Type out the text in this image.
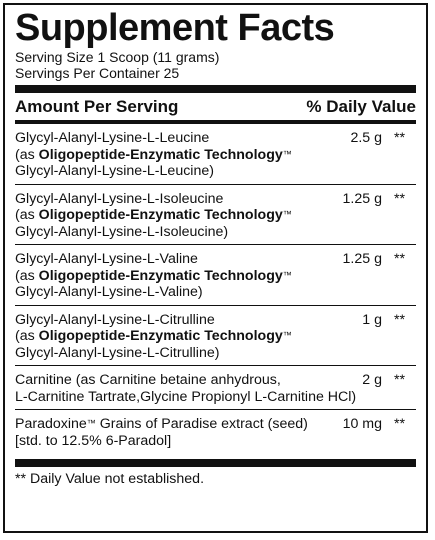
Supplement Facts
Serving Size 1 Scoop (11 grams)
Servings Per Container 25
Amount Per Serving	% Daily Value
Glycyl-Alanyl-Lysine-L-Leucine
(as Oligopeptide-Enzymatic Technology™
Glycyl-Alanyl-Lysine-L-Leucine)
2.5 g **
Glycyl-Alanyl-Lysine-L-Isoleucine
(as Oligopeptide-Enzymatic Technology™
Glycyl-Alanyl-Lysine-L-Isoleucine)
1.25 g **
Glycyl-Alanyl-Lysine-L-Valine
(as Oligopeptide-Enzymatic Technology™
Glycyl-Alanyl-Lysine-L-Valine)
1.25 g **
Glycyl-Alanyl-Lysine-L-Citrulline
(as Oligopeptide-Enzymatic Technology™
Glycyl-Alanyl-Lysine-L-Citrulline)
1 g **
Carnitine (as Carnitine betaine anhydrous,
L-Carnitine Tartrate,Glycine Propionyl L-Carnitine HCl)
2 g **
Paradoxine™ Grains of Paradise extract (seed)
[std. to 12.5% 6-Paradol]
10 mg **
** Daily Value not established.
